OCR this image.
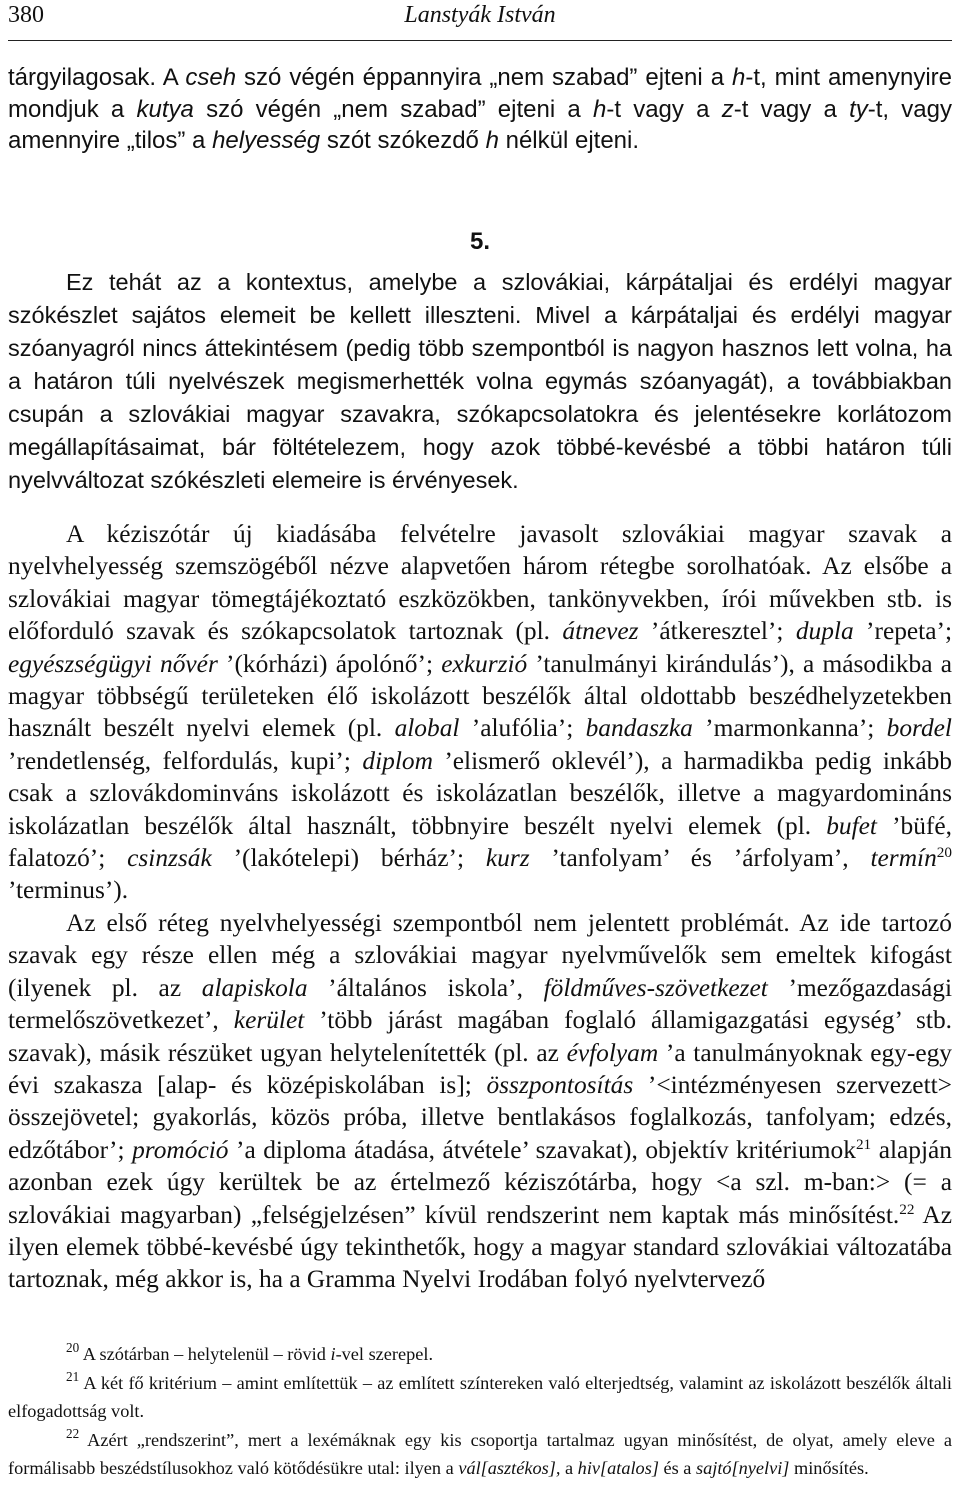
380	Lanstyák István

tárgyilagosak. A cseh szó végén éppannyira „nem szabad” ejteni a h-t, mint amenynyire mondjuk a kutya szó végén „nem szabad” ejteni a h-t vagy a z-t vagy a ty-t, vagy amennyire „tilos” a helyesség szót szókezdő h nélkül ejteni.

5.

Ez tehát az a kontextus, amelybe a szlovákiai, kárpátaljai és erdélyi magyar szókészlet sajátos elemeit be kellett illeszteni. Mivel a kárpátaljai és erdélyi magyar szóanyagról nincs áttekintésem (pedig több szempontból is nagyon hasznos lett volna, ha a határon túli nyelvészek megismerhették volna egymás szóanyagát), a továbbiakban csupán a szlovákiai magyar szavakra, szókapcsolatokra és jelentésekre korlátozom megállapításaimat, bár föltételezem, hogy azok többé-kevésbé a többi határon túli nyelvváltozat szókészleti elemeire is érvényesek.

A kéziszótár új kiadásába felvételre javasolt szlovákiai magyar szavak a nyelvhelyesség szemszögéből nézve alapvetően három rétegbe sorolhatóak. Az elsőbe a szlovákiai magyar tömegtájékoztató eszközökben, tankönyvekben, írói művekben stb. is előforduló szavak és szókapcsolatok tartoznak (pl. átnevez ’átkeresztel’; dupla ’repeta’; egyészségügyi nővér ’(kórházi) ápolónő’; exkurzió ’tanulmányi kirándulás’), a másodikba a magyar többségű területeken élő iskolázott beszélők által oldottabb beszédhelyzetekben használt beszélt nyelvi elemek (pl. alobal ’alufólia’; bandaszka ’marmonkanna’; bordel ’rendetlenség, felfordulás, kupi’; diplom ’elismerő oklevél’), a harmadikba pedig inkább csak a szlovákdominváns iskolázott és iskolázatlan beszélők, illetve a magyardomináns iskolázatlan beszélők által használt, többnyire beszélt nyelvi elemek (pl. bufet ’büfé, falatozó’; csinzsák ’(lakótelepi) bérház’; kurz ’tanfolyam’ és ’árfolyam’, termín$^{20}$ ’terminus’).

Az első réteg nyelvhelyességi szempontból nem jelentett problémát. Az ide tartozó szavak egy része ellen még a szlovákiai magyar nyelvművelők sem emeltek kifogást (ilyenek pl. az alapiskola ’általános iskola’, földműves-szövetkezet ’mezőgazdasági termelőszövetkezet’, kerület ’több járást magában foglaló államigazgatási egység’ stb. szavak), másik részüket ugyan helytelenítették (pl. az évfolyam ’a tanulmányoknak egy-egy évi szakasza [alap- és középiskolában is]; összpontosítás ’<intézményesen szervezett> összejövetel; gyakorlás, közös próba, illetve bentlakásos foglalkozás, tanfolyam; edzés, edzőtábor’; promóció ’a diploma átadása, átvétele’ szavakat), objektív kritériumok$^{21}$ alapján azonban ezek úgy kerültek be az értelmező kéziszótárba, hogy <a szl. m-ban:> (= a szlovákiai magyarban) „felségjelzésen” kívül rendszerint nem kaptak más minősítést.$^{22}$ Az ilyen elemek többé-kevésbé úgy tekinthetők, hogy a magyar standard szlovákiai változatába tartoznak, még akkor is, ha a Gramma Nyelvi Irodában folyó nyelvtervező

$^{20}$ A szótárban – helytelenül – rövid i-vel szerepel.

$^{21}$ A két fő kritérium – amint említettük – az említett színtereken való elterjedtség, valamint az iskolázott beszélők általi elfogadottság volt.

$^{22}$ Azért „rendszerint”, mert a lexémáknak egy kis csoportja tartalmaz ugyan minősítést, de olyat, amely eleve a formálisabb beszédstílusokhoz való kötődésükre utal: ilyen a vál[asztékos], a hiv[atalos] és a sajtó[nyelvi] minősítés.
